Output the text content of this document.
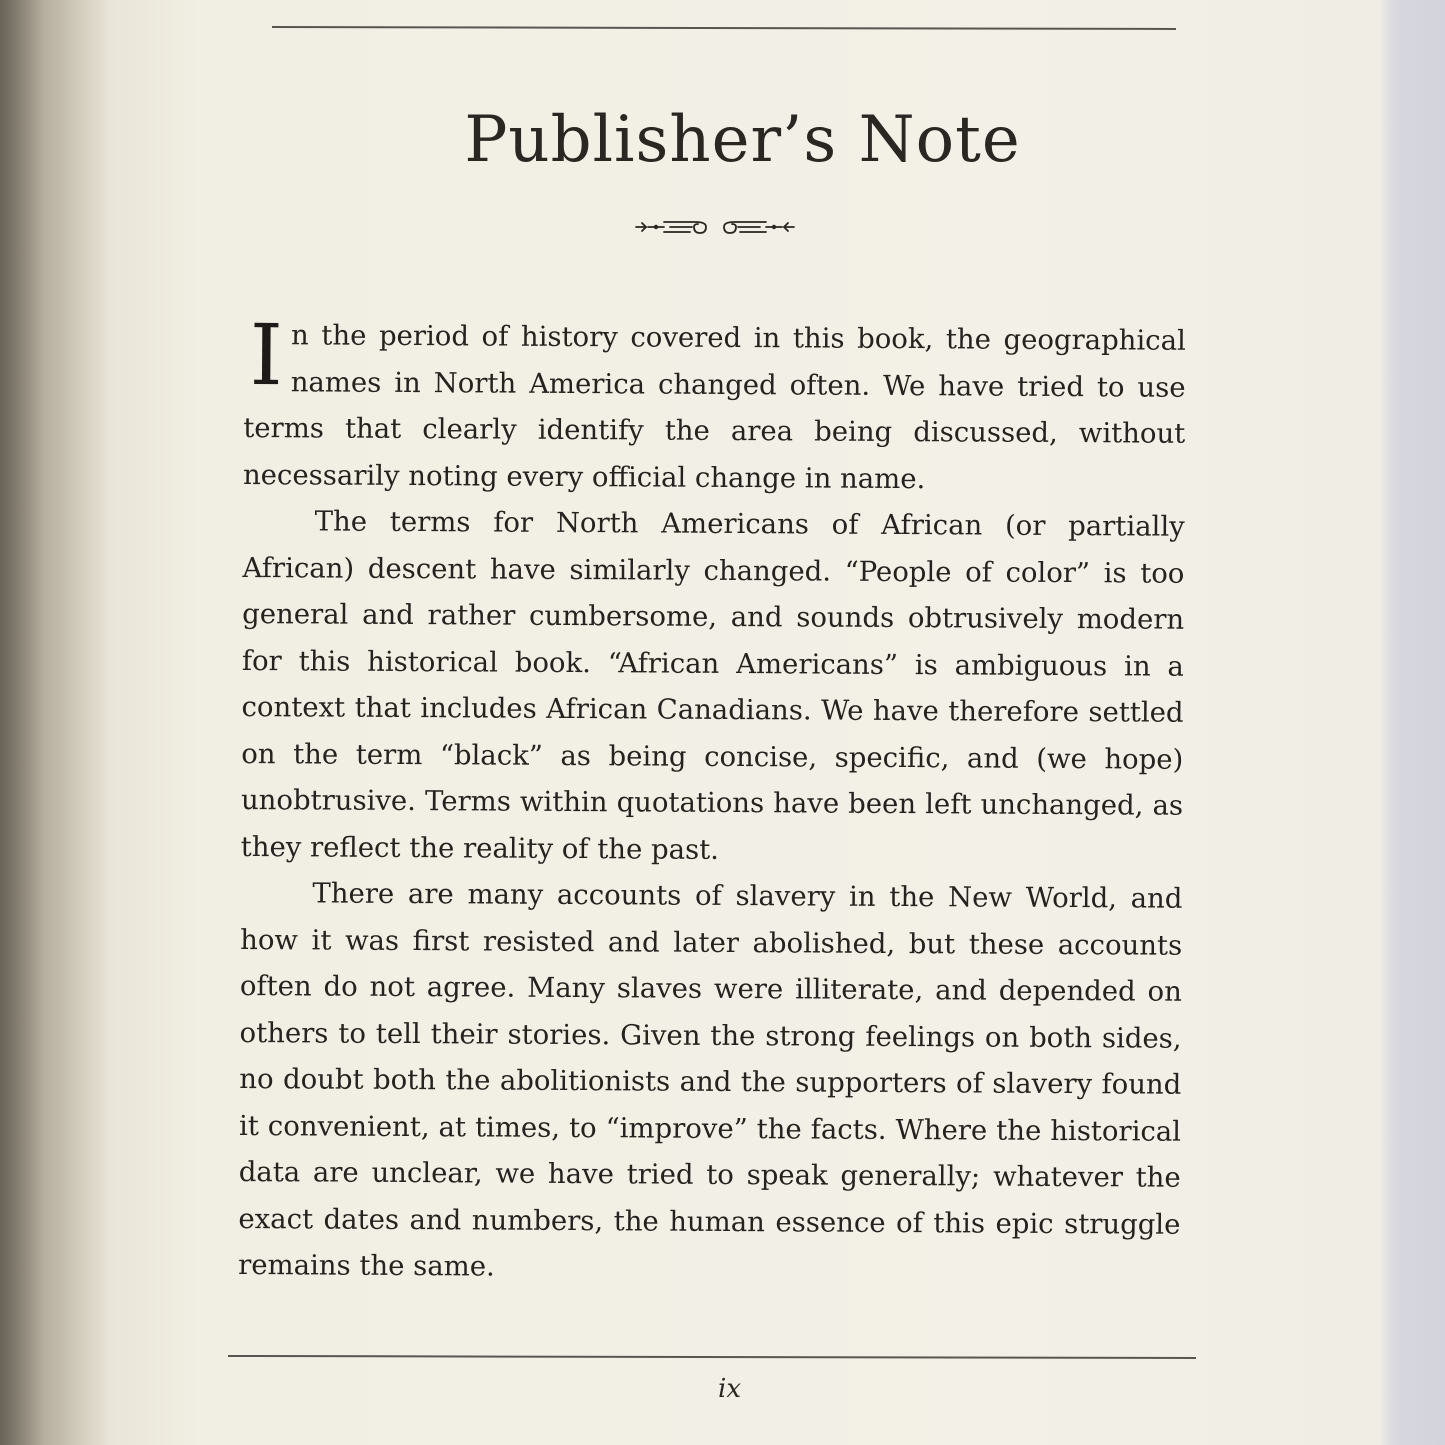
Publisher’s Note

In the period of history covered in this book, the geographical names in North America changed often. We have tried to use terms that clearly identify the area being discussed, without necessarily noting every official change in name.

The terms for North Americans of African (or partially African) descent have similarly changed. “People of color” is too general and rather cumbersome, and sounds obtrusively modern for this historical book. “African Americans” is ambiguous in a context that includes African Canadians. We have therefore settled on the term “black” as being concise, specific, and (we hope) unobtrusive. Terms within quotations have been left unchanged, as they reflect the reality of the past.

There are many accounts of slavery in the New World, and how it was first resisted and later abolished, but these accounts often do not agree. Many slaves were illiterate, and depended on others to tell their stories. Given the strong feelings on both sides, no doubt both the abolitionists and the supporters of slavery found it convenient, at times, to “improve” the facts. Where the historical data are unclear, we have tried to speak generally; whatever the exact dates and numbers, the human essence of this epic struggle remains the same.

ix
